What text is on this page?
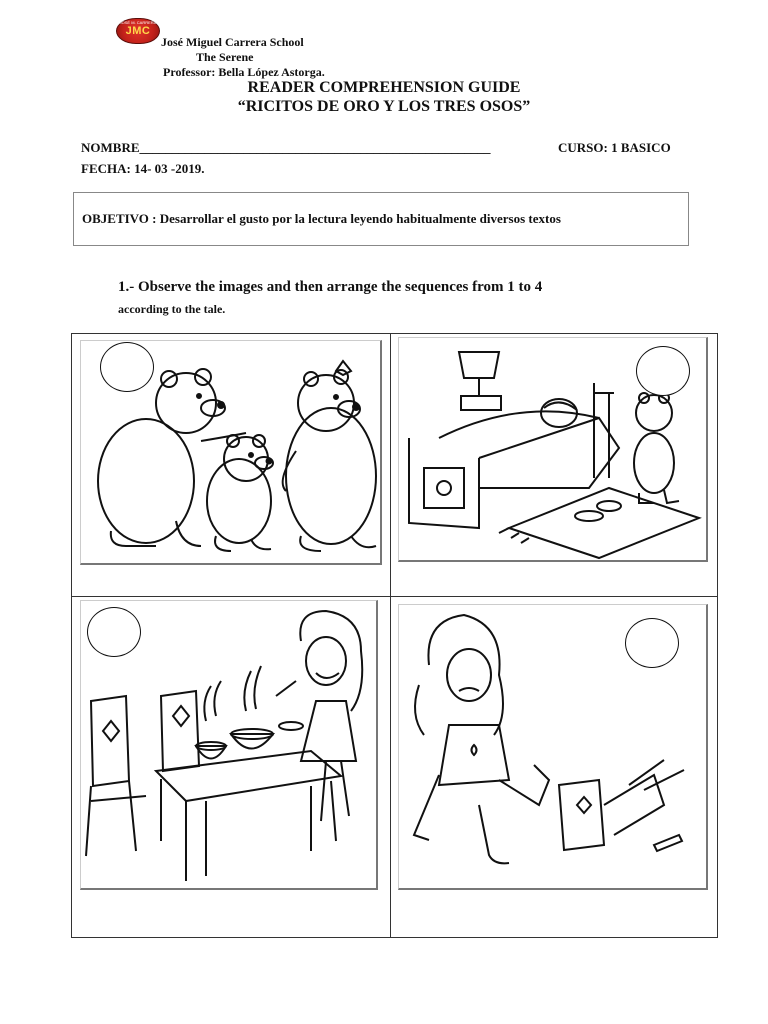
JOSÉ M. CARRERA
JMC
José Miguel Carrera School
The Serene
Professor: Bella López Astorga.
READER COMPREHENSION GUIDE
“RICITOS DE ORO Y LOS TRES OSOS”
NOMBRE______________________________________________________	CURSO: 1 BASICO
FECHA: 14- 03 -2019.
OBJETIVO : Desarrollar el gusto por la lectura leyendo habitualmente diversos textos
1.- Observe the images and then arrange the sequences from 1 to 4
according to the tale.
